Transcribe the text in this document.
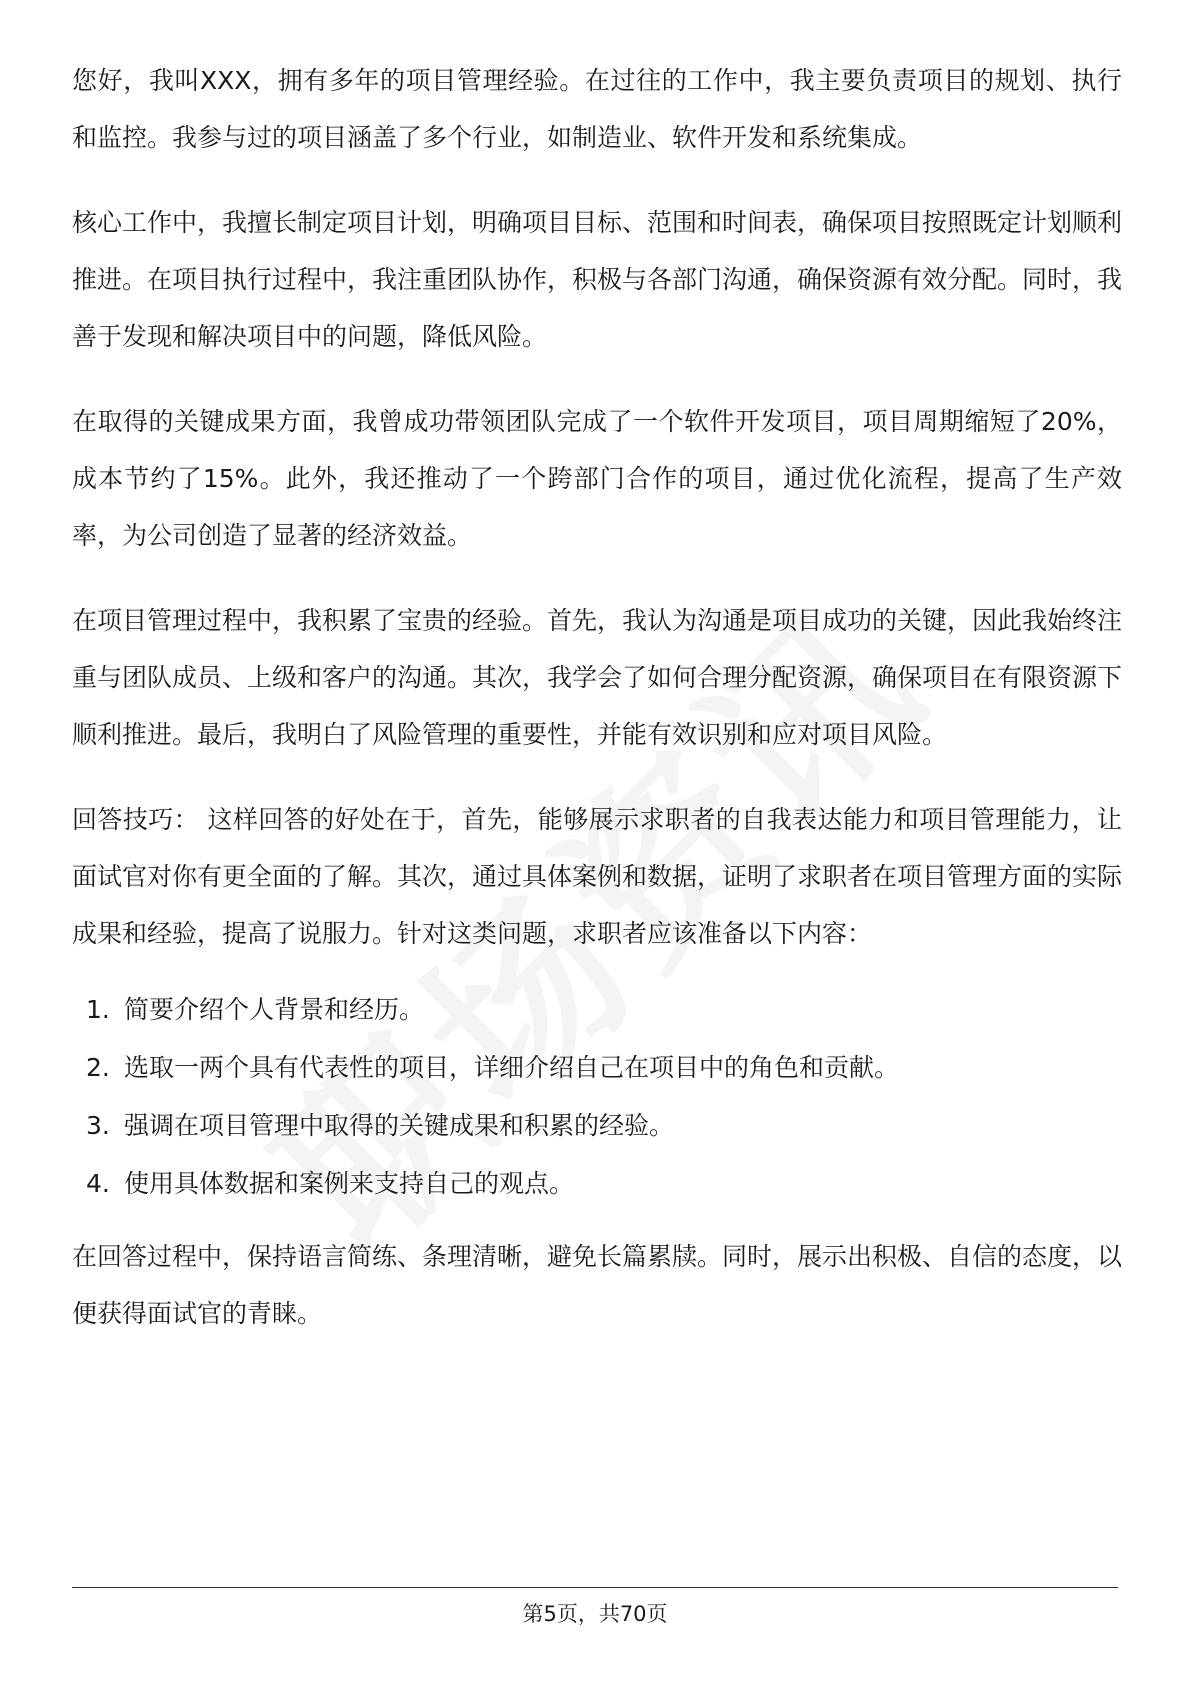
您好，我叫XXX，拥有多年的项目管理经验。在过往的工作中，我主要负责项目的规划、执行和监控。我参与过的项目涵盖了多个行业，如制造业、软件开发和系统集成。

核心工作中，我擅长制定项目计划，明确项目目标、范围和时间表，确保项目按照既定计划顺利推进。在项目执行过程中，我注重团队协作，积极与各部门沟通，确保资源有效分配。同时，我善于发现和解决项目中的问题，降低风险。

在取得的关键成果方面，我曾成功带领团队完成了一个软件开发项目，项目周期缩短了20%，成本节约了15%。此外，我还推动了一个跨部门合作的项目，通过优化流程，提高了生产效率，为公司创造了显著的经济效益。

在项目管理过程中，我积累了宝贵的经验。首先，我认为沟通是项目成功的关键，因此我始终注重与团队成员、上级和客户的沟通。其次，我学会了如何合理分配资源，确保项目在有限资源下顺利推进。最后，我明白了风险管理的重要性，并能有效识别和应对项目风险。

回答技巧： 这样回答的好处在于，首先，能够展示求职者的自我表达能力和项目管理能力，让面试官对你有更全面的了解。其次，通过具体案例和数据，证明了求职者在项目管理方面的实际成果和经验，提高了说服力。针对这类问题，求职者应该准备以下内容：

1. 简要介绍个人背景和经历。
2. 选取一两个具有代表性的项目，详细介绍自己在项目中的角色和贡献。
3. 强调在项目管理中取得的关键成果和积累的经验。
4. 使用具体数据和案例来支持自己的观点。

在回答过程中，保持语言简练、条理清晰，避免长篇累牍。同时，展示出积极、自信的态度，以便获得面试官的青睐。

第5页，共70页
